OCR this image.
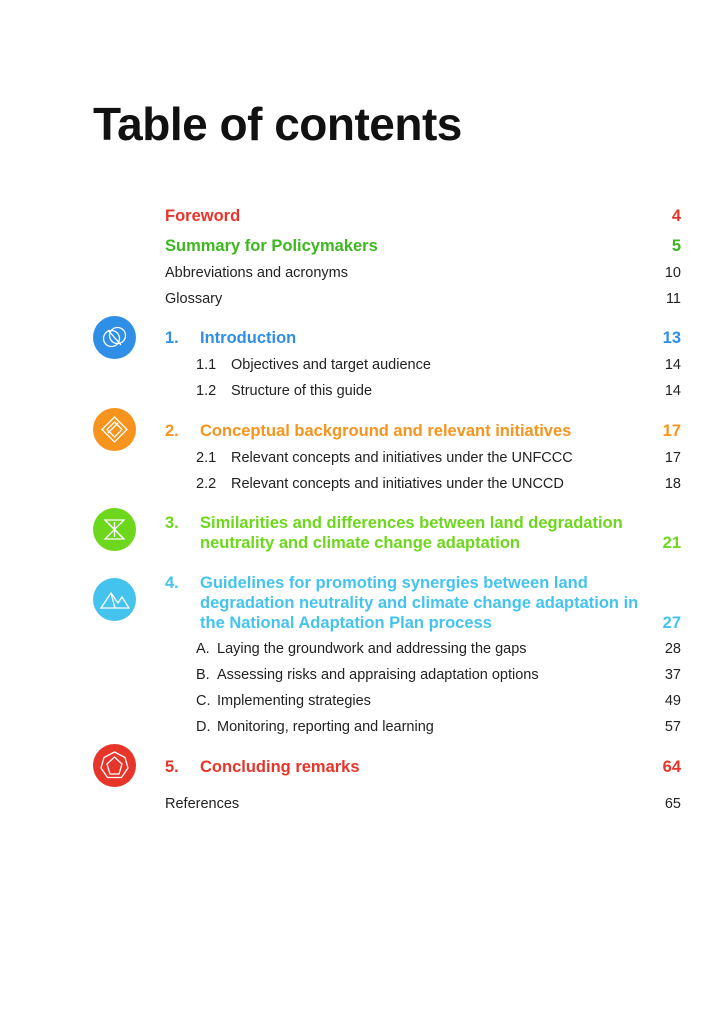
Table of contents
Foreword	4
Summary for Policymakers	5
Abbreviations and acronyms	10
Glossary	11
1. Introduction	13
1.1 Objectives and target audience	14
1.2 Structure of this guide	14
2. Conceptual background and relevant initiatives	17
2.1 Relevant concepts and initiatives under the UNFCCC	17
2.2 Relevant concepts and initiatives under the UNCCD	18
3. Similarities and differences between land degradation
neutrality and climate change adaptation	21
4. Guidelines for promoting synergies between land
degradation neutrality and climate change adaptation in
the National Adaptation Plan process	27
A. Laying the groundwork and addressing the gaps	28
B. Assessing risks and appraising adaptation options	37
C. Implementing strategies	49
D. Monitoring, reporting and learning	57
5. Concluding remarks	64
References	65
